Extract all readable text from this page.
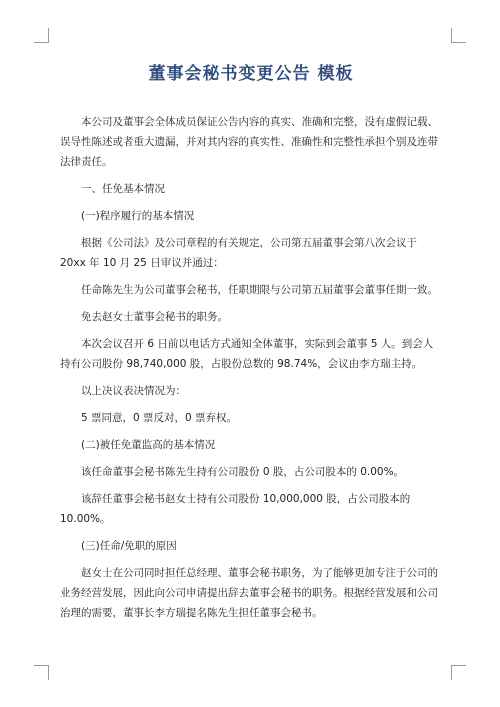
董事会秘书变更公告 模板

本公司及董事会全体成员保证公告内容的真实、准确和完整，没有虚假记载、误导性陈述或者重大遗漏，并对其内容的真实性、准确性和完整性承担个别及连带法律责任。

一、任免基本情况

(一)程序履行的基本情况

根据《公司法》及公司章程的有关规定，公司第五届董事会第八次会议于 20xx 年 10 月 25 日审议并通过：

任命陈先生为公司董事会秘书，任职期限与公司第五届董事会董事任期一致。

免去赵女士董事会秘书的职务。

本次会议召开 6 日前以电话方式通知全体董事，实际到会董事 5 人。到会人持有公司股份 98,740,000 股，占股份总数的 98.74%，会议由李方瑞主持。

以上决议表决情况为：

5 票同意，0 票反对，0 票弃权。

(二)被任免董监高的基本情况

该任命董事会秘书陈先生持有公司股份 0 股，占公司股本的 0.00%。

该辞任董事会秘书赵女士持有公司股份 10,000,000 股，占公司股本的 10.00%。

(三)任命/免职的原因

赵女士在公司同时担任总经理、董事会秘书职务，为了能够更加专注于公司的业务经营发展，因此向公司申请提出辞去董事会秘书的职务。根据经营发展和公司治理的需要，董事长李方瑞提名陈先生担任董事会秘书。
